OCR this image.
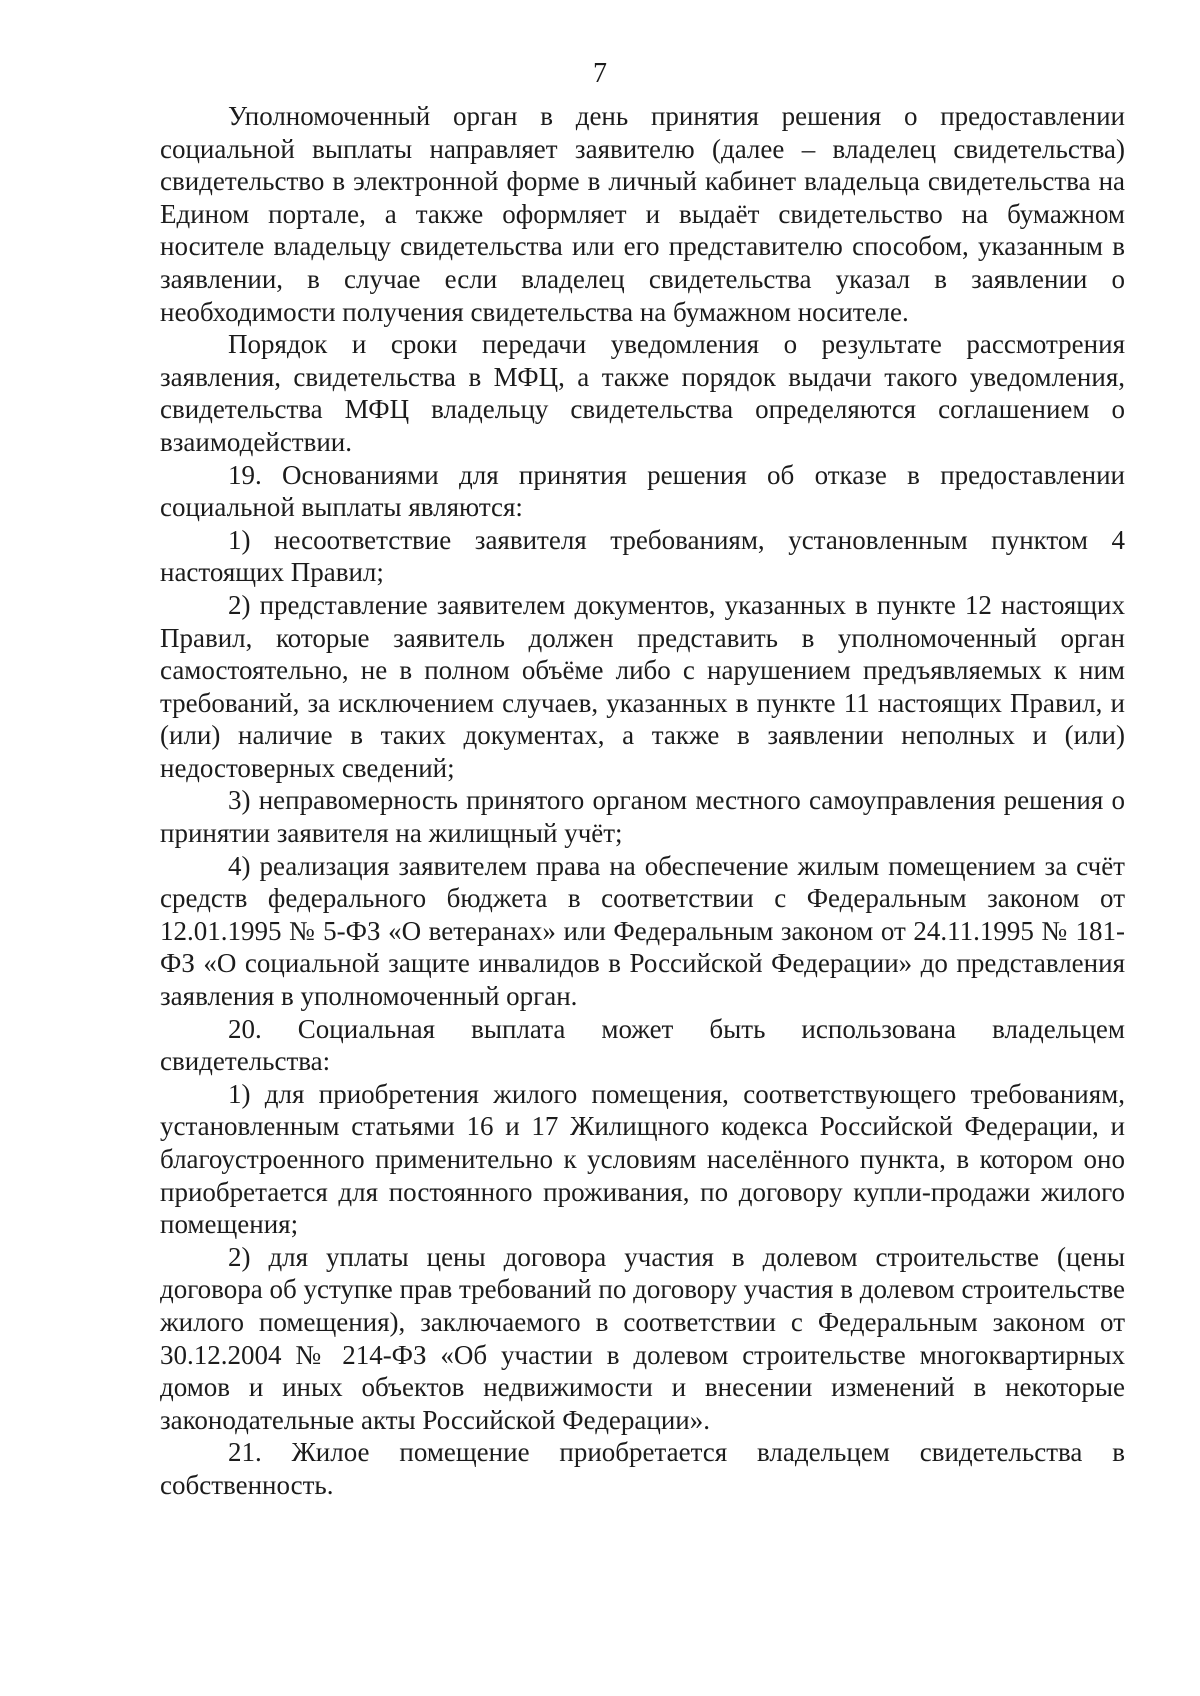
7

Уполномоченный орган в день принятия решения о предоставлении социальной выплаты направляет заявителю (далее – владелец свидетельства) свидетельство в электронной форме в личный кабинет владельца свидетельства на Едином портале, а также оформляет и выдаёт свидетельство на бумажном носителе владельцу свидетельства или его представителю способом, указанным в заявлении, в случае если владелец свидетельства указал в заявлении о необходимости получения свидетельства на бумажном носителе.

Порядок и сроки передачи уведомления о результате рассмотрения заявления, свидетельства в МФЦ, а также порядок выдачи такого уведомления, свидетельства МФЦ владельцу свидетельства определяются соглашением о взаимодействии.

19. Основаниями для принятия решения об отказе в предоставлении социальной выплаты являются:

1) несоответствие заявителя требованиям, установленным пунктом 4 настоящих Правил;

2) представление заявителем документов, указанных в пункте 12 настоящих Правил, которые заявитель должен представить в уполномоченный орган самостоятельно, не в полном объёме либо с нарушением предъявляемых к ним требований, за исключением случаев, указанных в пункте 11 настоящих Правил, и (или) наличие в таких документах, а также в заявлении неполных и (или) недостоверных сведений;

3) неправомерность принятого органом местного самоуправления решения о принятии заявителя на жилищный учёт;

4) реализация заявителем права на обеспечение жилым помещением за счёт средств федерального бюджета в соответствии с Федеральным законом от 12.01.1995 № 5-ФЗ «О ветеранах» или Федеральным законом от 24.11.1995 № 181-ФЗ «О социальной защите инвалидов в Российской Федерации» до представления заявления в уполномоченный орган.

20. Социальная выплата может быть использована владельцем свидетельства:

1) для приобретения жилого помещения, соответствующего требованиям, установленным статьями 16 и 17 Жилищного кодекса Российской Федерации, и благоустроенного применительно к условиям населённого пункта, в котором оно приобретается для постоянного проживания, по договору купли-продажи жилого помещения;

2) для уплаты цены договора участия в долевом строительстве (цены договора об уступке прав требований по договору участия в долевом строительстве жилого помещения), заключаемого в соответствии с Федеральным законом от 30.12.2004 № 214-ФЗ «Об участии в долевом строительстве многоквартирных домов и иных объектов недвижимости и внесении изменений в некоторые законодательные акты Российской Федерации».

21. Жилое помещение приобретается владельцем свидетельства в собственность.
